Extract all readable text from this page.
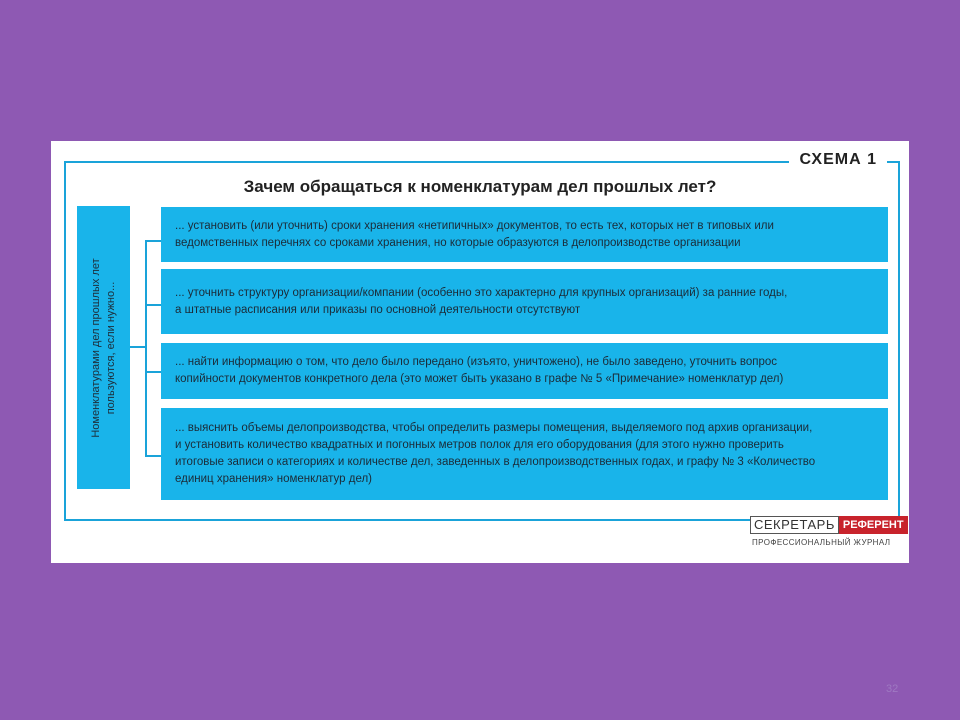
СХЕМА 1
Зачем обращаться к номенклатурам дел прошлых лет?
Номенклатурами дел прошлых лет пользуются, если нужно...
... установить (или уточнить) сроки хранения «нетипичных» документов, то есть тех, которых нет в типовых или
ведомственных перечнях со сроками хранения, но которые образуются в делопроизводстве организации
... уточнить структуру организации/компании (особенно это характерно для крупных организаций) за ранние годы,
а штатные расписания или приказы по основной деятельности отсутствуют
... найти информацию о том, что дело было передано (изъято, уничтожено), не было заведено, уточнить вопрос
копийности документов конкретного дела (это может быть указано в графе № 5 «Примечание» номенклатур дел)
... выяснить объемы делопроизводства, чтобы определить размеры помещения, выделяемого под архив организации,
и установить количество квадратных и погонных метров полок для его оборудования (для этого нужно проверить
итоговые записи о категориях и количестве дел, заведенных в делопроизводственных годах, и графу № 3 «Количество
единиц хранения» номенклатур дел)
СЕКРЕТАРЬ РЕФЕРЕНТ
ПРОФЕССИОНАЛЬНЫЙ ЖУРНАЛ
32
